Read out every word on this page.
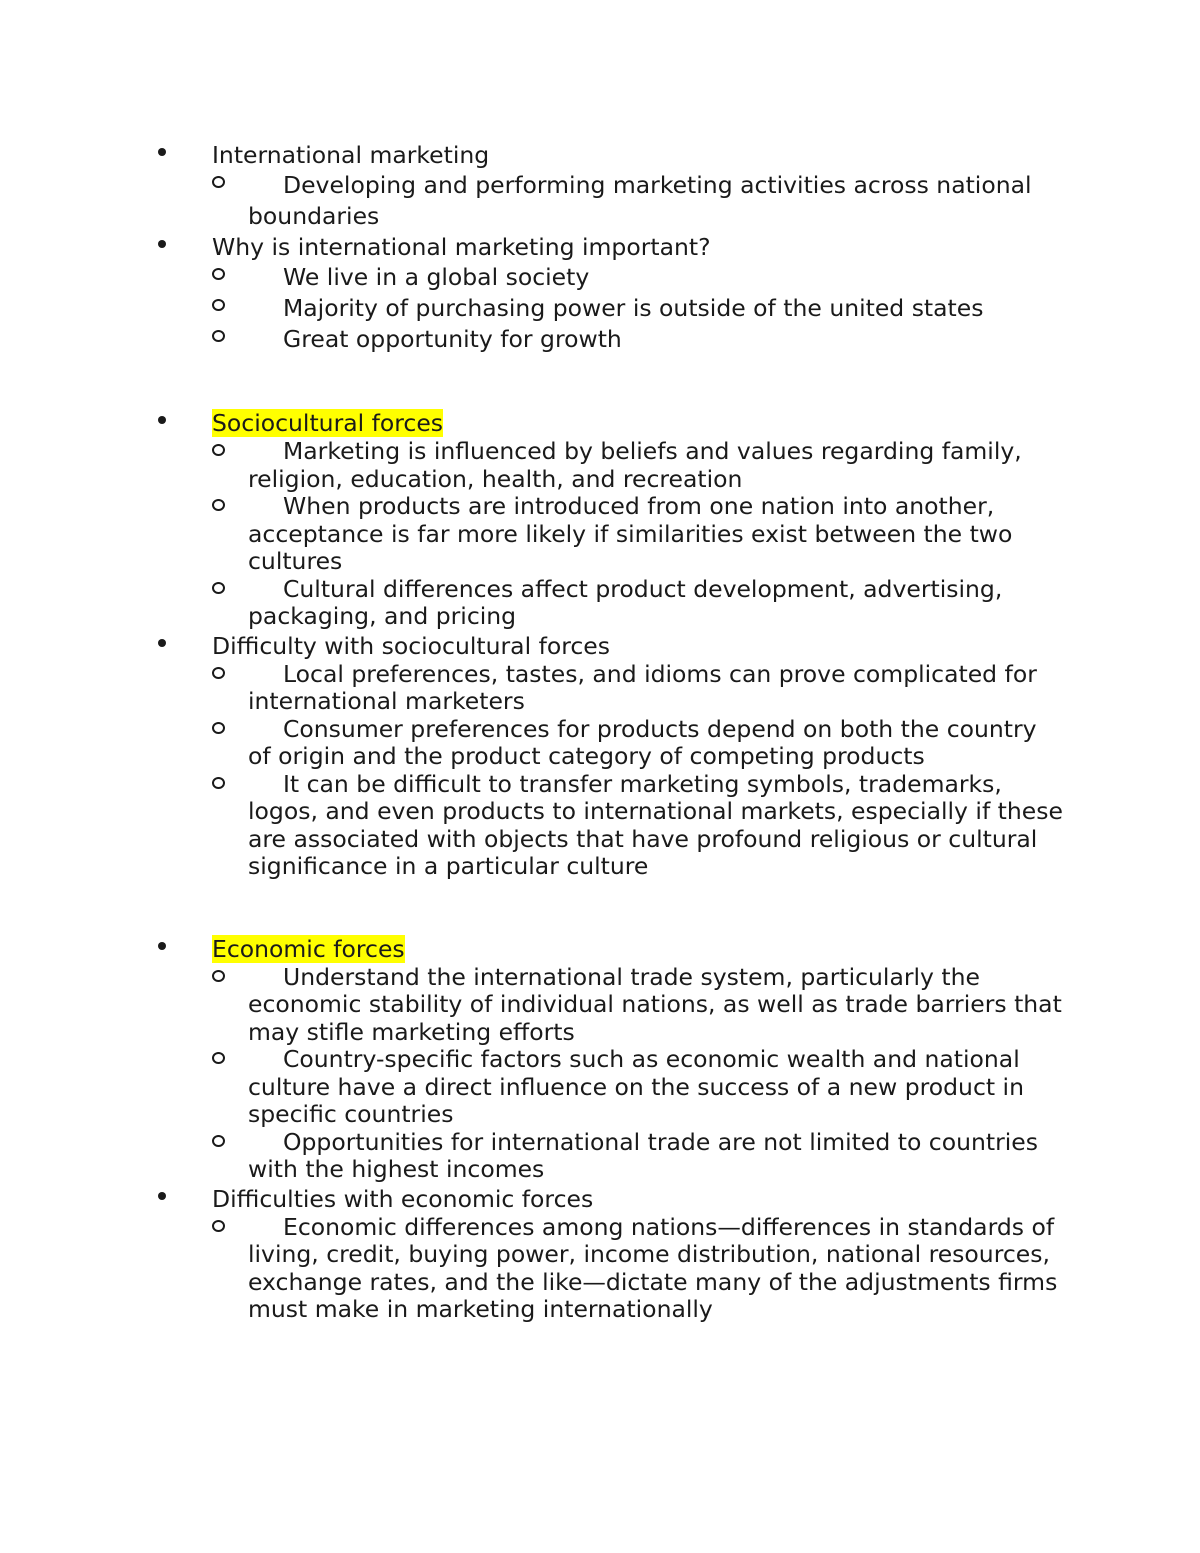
International marketing
Developing and performing marketing activities across national boundaries
Why is international marketing important?
We live in a global society
Majority of purchasing power is outside of the united states
Great opportunity for growth
Sociocultural forces
Marketing is influenced by beliefs and values regarding family, religion, education, health, and recreation
When products are introduced from one nation into another, acceptance is far more likely if similarities exist between the two cultures
Cultural differences affect product development, advertising, packaging, and pricing
Difficulty with sociocultural forces
Local preferences, tastes, and idioms can prove complicated for international marketers
Consumer preferences for products depend on both the country of origin and the product category of competing products
It can be difficult to transfer marketing symbols, trademarks, logos, and even products to international markets, especially if these are associated with objects that have profound religious or cultural significance in a particular culture
Economic forces
Understand the international trade system, particularly the economic stability of individual nations, as well as trade barriers that may stifle marketing efforts
Country-specific factors such as economic wealth and national culture have a direct influence on the success of a new product in specific countries
Opportunities for international trade are not limited to countries with the highest incomes
Difficulties with economic forces
Economic differences among nations—differences in standards of living, credit, buying power, income distribution, national resources, exchange rates, and the like—dictate many of the adjustments firms must make in marketing internationally
